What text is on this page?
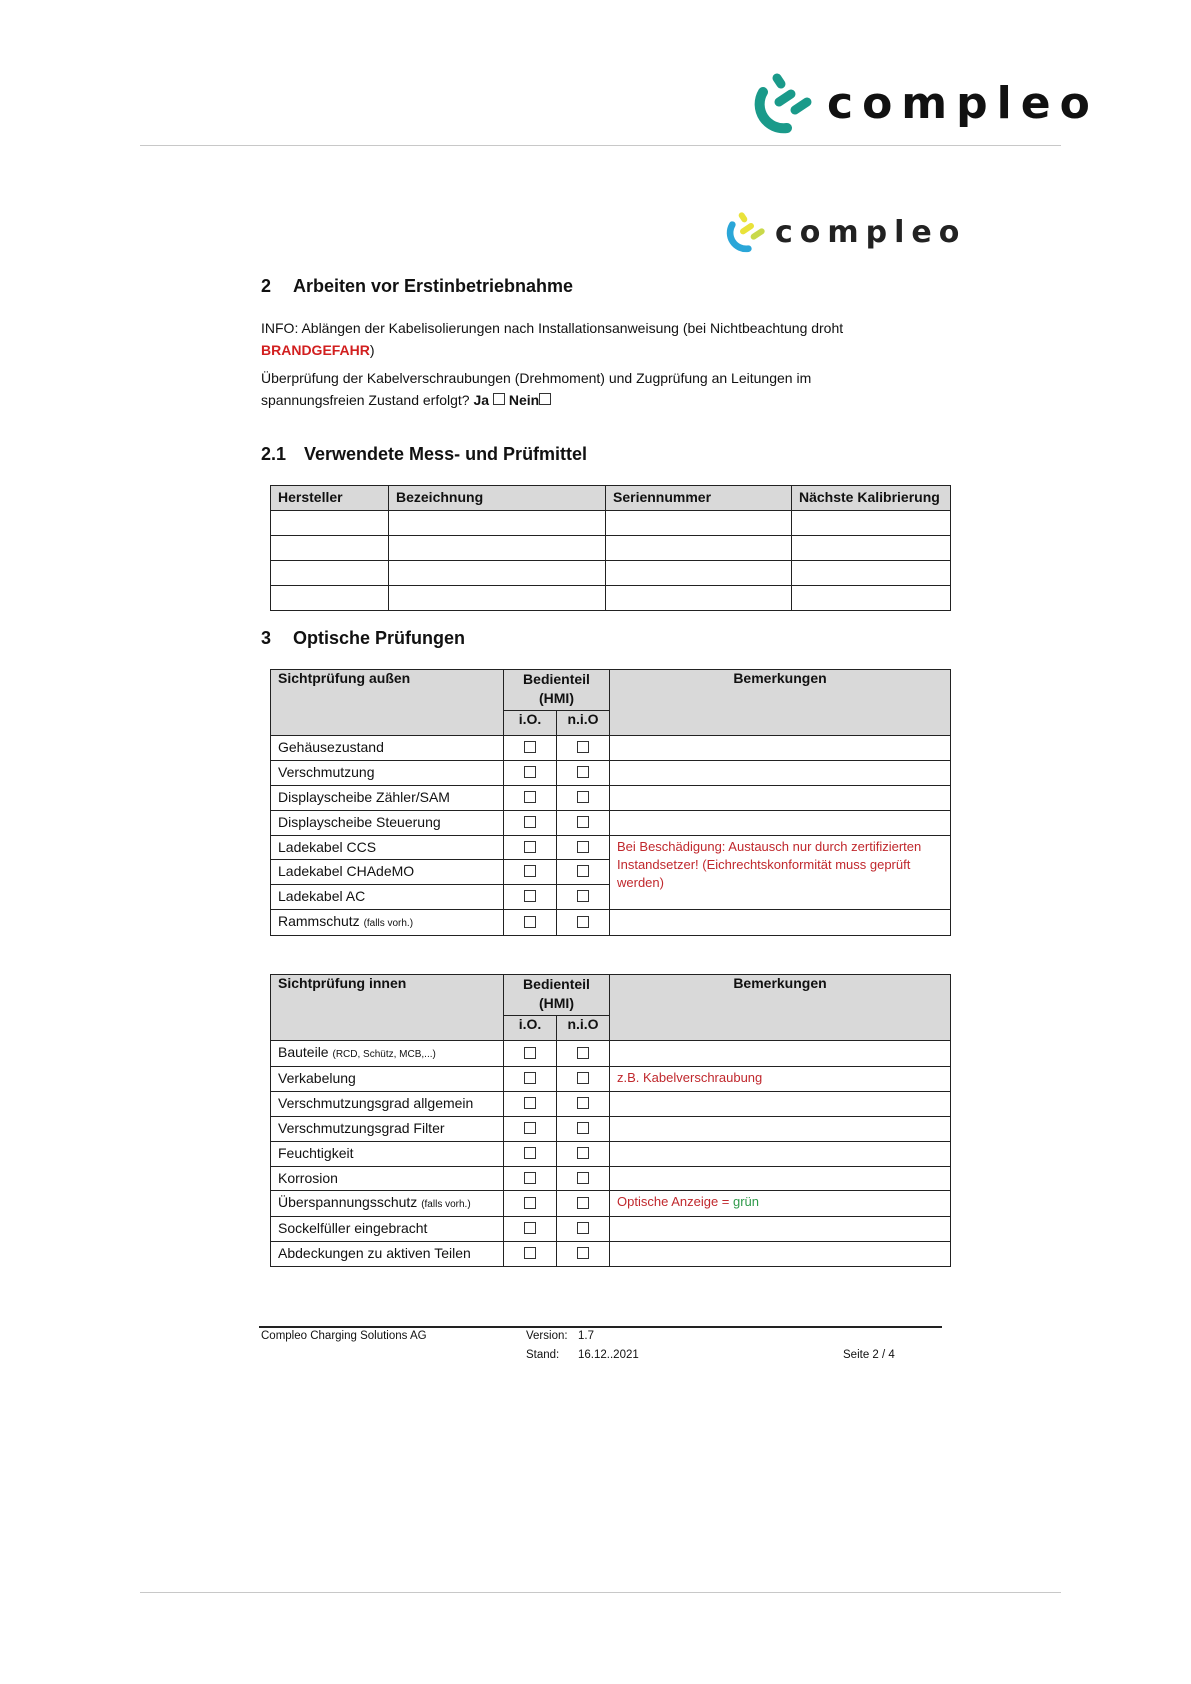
compleo
compleo
2 Arbeiten vor Erstinbetriebnahme
INFO: Ablängen der Kabelisolierungen nach Installationsanweisung (bei Nichtbeachtung droht
BRANDGEFAHR)
Überprüfung der Kabelverschraubungen (Drehmoment) und Zugprüfung an Leitungen im
spannungsfreien Zustand erfolgt? Ja Nein
2.1 Verwendete Mess- und Prüfmittel
Hersteller	Bezeichnung	Seriennummer	Nächste Kalibrierung

3 Optische Prüfungen
Sichtprüfung außen	Bedienteil
(HMI)		Bemerkungen
	i.O.	n.i.O	
Gehäusezustand			
Verschmutzung			
Displayscheibe Zähler/SAM			
Displayscheibe Steuerung			
Ladekabel CCS			Bei Beschädigung: Austausch nur durch zertifizierten Instandsetzer! (Eichrechtskonformität muss geprüft werden)
Ladekabel CHAdeMO			
Ladekabel AC			
Rammschutz (falls vorh.)			
Sichtprüfung innen	Bedienteil
(HMI)		Bemerkungen
	i.O.	n.i.O	
Bauteile (RCD, Schütz, MCB,...)			
Verkabelung			z.B. Kabelverschraubung
Verschmutzungsgrad allgemein			
Verschmutzungsgrad Filter			
Feuchtigkeit			
Korrosion			
Überspannungsschutz (falls vorh.)			Optische Anzeige = grün
Sockelfüller eingebracht			
Abdeckungen zu aktiven Teilen			
Compleo Charging Solutions AG	Version: 1.7
Stand: 16.12..2021	Seite 2 / 4
